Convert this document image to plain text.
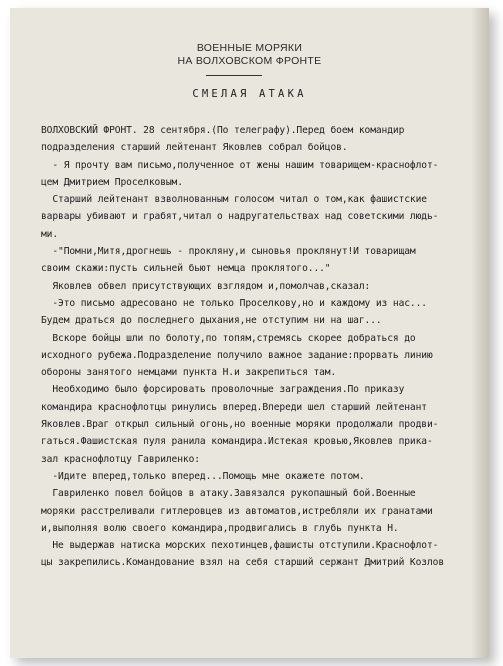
ВОЕННЫЕ МОРЯКИ
НА ВОЛХОВСКОМ ФРОНТЕ
СМЕЛАЯ АТАКА
ВОЛХОВСКИЙ ФРОНТ. 28 сентября.(По телеграфу).Перед боем командир
подразделения старший лейтенант Яковлев собрал бойцов.
- Я прочту вам письмо,полученное от жены нашим товарищем-краснофлот-
цем Дмитрием Проселковым.
Старший лейтенант взволнованным голосом читал о том,как фашистские
варвары убивают и грабят,читал о надругательствах над советскими людь-
ми.
-"Помни,Митя,дрогнешь - прокляну,и сыновья проклянут!И товарищам
своим скажи:пусть сильней бьют немца проклятого..."
Яковлев обвел присутствующих взглядом и,помолчав,сказал:
-Это письмо адресовано не только Проселкову,но и каждому из нас...
Будем драться до последнего дыхания,не отступим ни на шаг...
Вскоре бойцы шли по болоту,по топям,стремясь скорее добраться до
исходного рубежа.Подразделение получило важное задание:прорвать линию
обороны занятого немцами пункта Н.и закрепиться там.
Необходимо было форсировать проволочные заграждения.По приказу
командира краснофлотцы ринулись вперед.Впереди шел старший лейтенант
Яковлев.Враг открыл сильный огонь,но военные моряки продолжали продви-
гаться.Фашистская пуля ранила командира.Истекая кровью,Яковлев прика-
зал краснофлотцу Гавриленко:
-Идите вперед,только вперед...Помощь мне окажете потом.
Гавриленко повел бойцов в атаку.Завязался рукопашный бой.Военные
моряки расстреливали гитлеровцев из автоматов,истребляли их гранатами
и,выполняя волю своего командира,продвигались в глубь пункта Н.
Не выдержав натиска морских пехотинцев,фашисты отступили.Краснофлот-
цы закрепились.Командование взял на себя старший сержант Дмитрий Козлов
